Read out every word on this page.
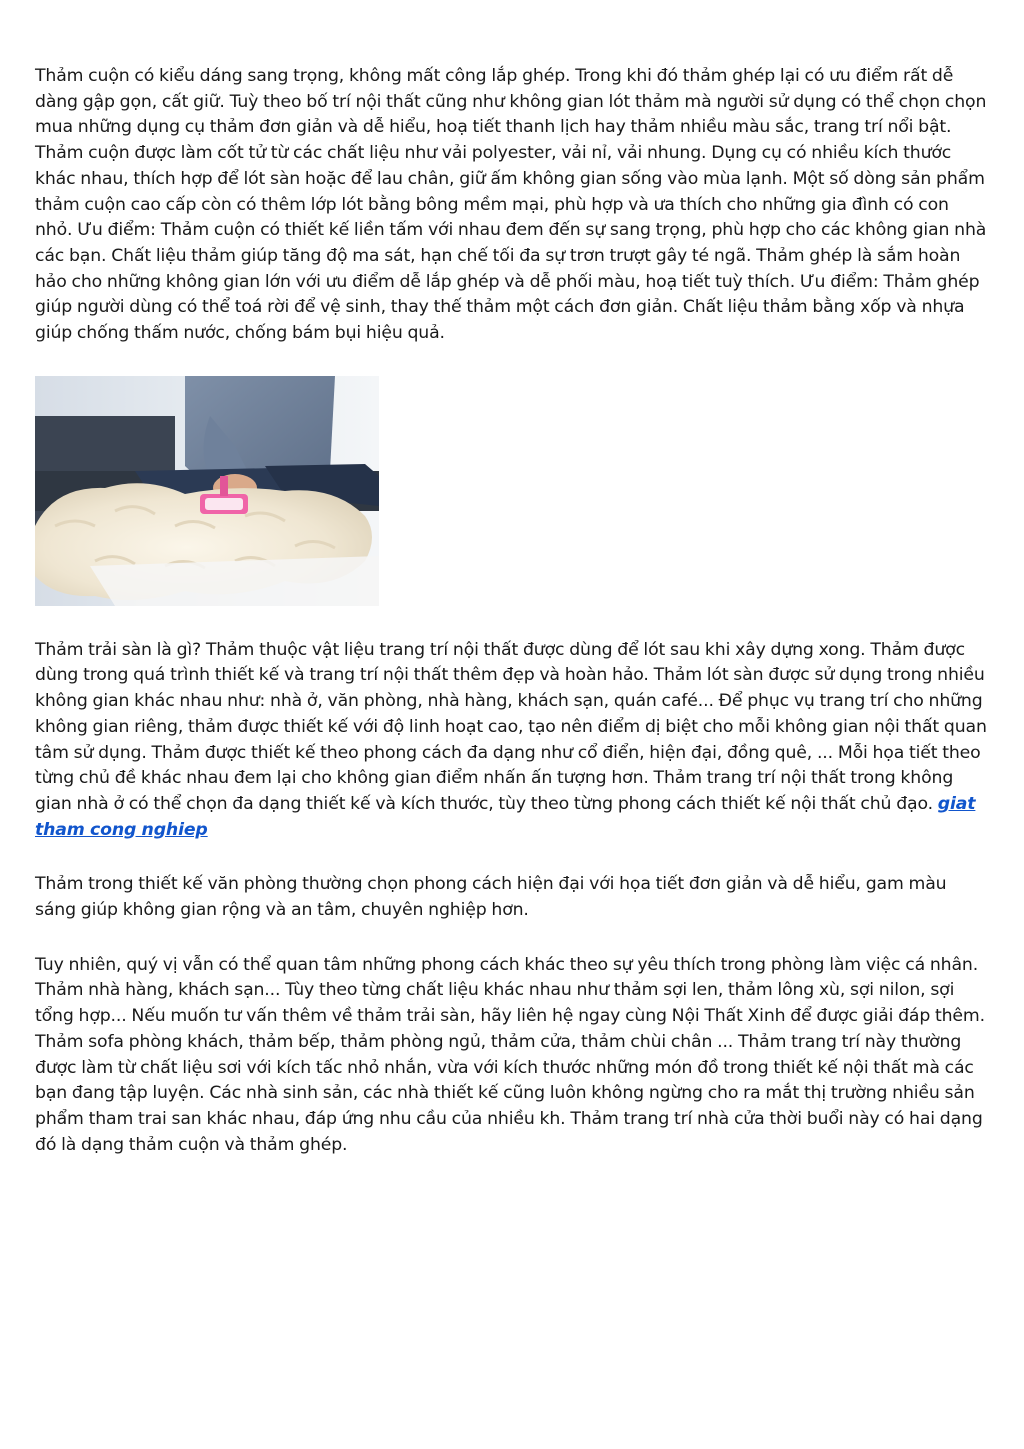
Thảm cuộn có kiểu dáng sang trọng, không mất công lắp ghép. Trong khi đó thảm ghép lại có ưu điểm rất dễ dàng gập gọn, cất giữ. Tuỳ theo bố trí nội thất cũng như không gian lót thảm mà người sử dụng có thể chọn chọn mua những dụng cụ thảm đơn giản và dễ hiểu, hoạ tiết thanh lịch hay thảm nhiều màu sắc, trang trí nổi bật. Thảm cuộn được làm cốt tử từ các chất liệu như vải polyester, vải nỉ, vải nhung. Dụng cụ có nhiều kích thước khác nhau, thích hợp để lót sàn hoặc để lau chân, giữ ấm không gian sống vào mùa lạnh. Một số dòng sản phẩm thảm cuộn cao cấp còn có thêm lớp lót bằng bông mềm mại, phù hợp và ưa thích cho những gia đình có con nhỏ. Ưu điểm: Thảm cuộn có thiết kế liền tấm với nhau đem đến sự sang trọng, phù hợp cho các không gian nhà các bạn. Chất liệu thảm giúp tăng độ ma sát, hạn chế tối đa sự trơn trượt gây té ngã. Thảm ghép là sắm hoàn hảo cho những không gian lớn với ưu điểm dễ lắp ghép và dễ phối màu, hoạ tiết tuỳ thích. Ưu điểm: Thảm ghép giúp người dùng có thể toá rời để vệ sinh, thay thế thảm một cách đơn giản. Chất liệu thảm bằng xốp và nhựa giúp chống thấm nước, chống bám bụi hiệu quả.

Thảm trải sàn là gì? Thảm thuộc vật liệu trang trí nội thất được dùng để lót sau khi xây dựng xong. Thảm được dùng trong quá trình thiết kế và trang trí nội thất thêm đẹp và hoàn hảo. Thảm lót sàn được sử dụng trong nhiều không gian khác nhau như: nhà ở, văn phòng, nhà hàng, khách sạn, quán café... Để phục vụ trang trí cho những không gian riêng, thảm được thiết kế với độ linh hoạt cao, tạo nên điểm dị biệt cho mỗi không gian nội thất quan tâm sử dụng. Thảm được thiết kế theo phong cách đa dạng như cổ điển, hiện đại, đồng quê, ... Mỗi họa tiết theo từng chủ đề khác nhau đem lại cho không gian điểm nhấn ấn tượng hơn. Thảm trang trí nội thất trong không gian nhà ở có thể chọn đa dạng thiết kế và kích thước, tùy theo từng phong cách thiết kế nội thất chủ đạo. giat tham cong nghiep

Thảm trong thiết kế văn phòng thường chọn phong cách hiện đại với họa tiết đơn giản và dễ hiểu, gam màu sáng giúp không gian rộng và an tâm, chuyên nghiệp hơn.

Tuy nhiên, quý vị vẫn có thể quan tâm những phong cách khác theo sự yêu thích trong phòng làm việc cá nhân. Thảm nhà hàng, khách sạn... Tùy theo từng chất liệu khác nhau như thảm sợi len, thảm lông xù, sợi nilon, sợi tổng hợp... Nếu muốn tư vấn thêm về thảm trải sàn, hãy liên hệ ngay cùng Nội Thất Xinh để được giải đáp thêm. Thảm sofa phòng khách, thảm bếp, thảm phòng ngủ, thảm cửa, thảm chùi chân ... Thảm trang trí này thường được làm từ chất liệu sơi với kích tấc nhỏ nhắn, vừa với kích thước những món đồ trong thiết kế nội thất mà các bạn đang tập luyện. Các nhà sinh sản, các nhà thiết kế cũng luôn không ngừng cho ra mắt thị trường nhiều sản phẩm tham trai san khác nhau, đáp ứng nhu cầu của nhiều kh. Thảm trang trí nhà cửa thời buổi này có hai dạng đó là dạng thảm cuộn và thảm ghép.
